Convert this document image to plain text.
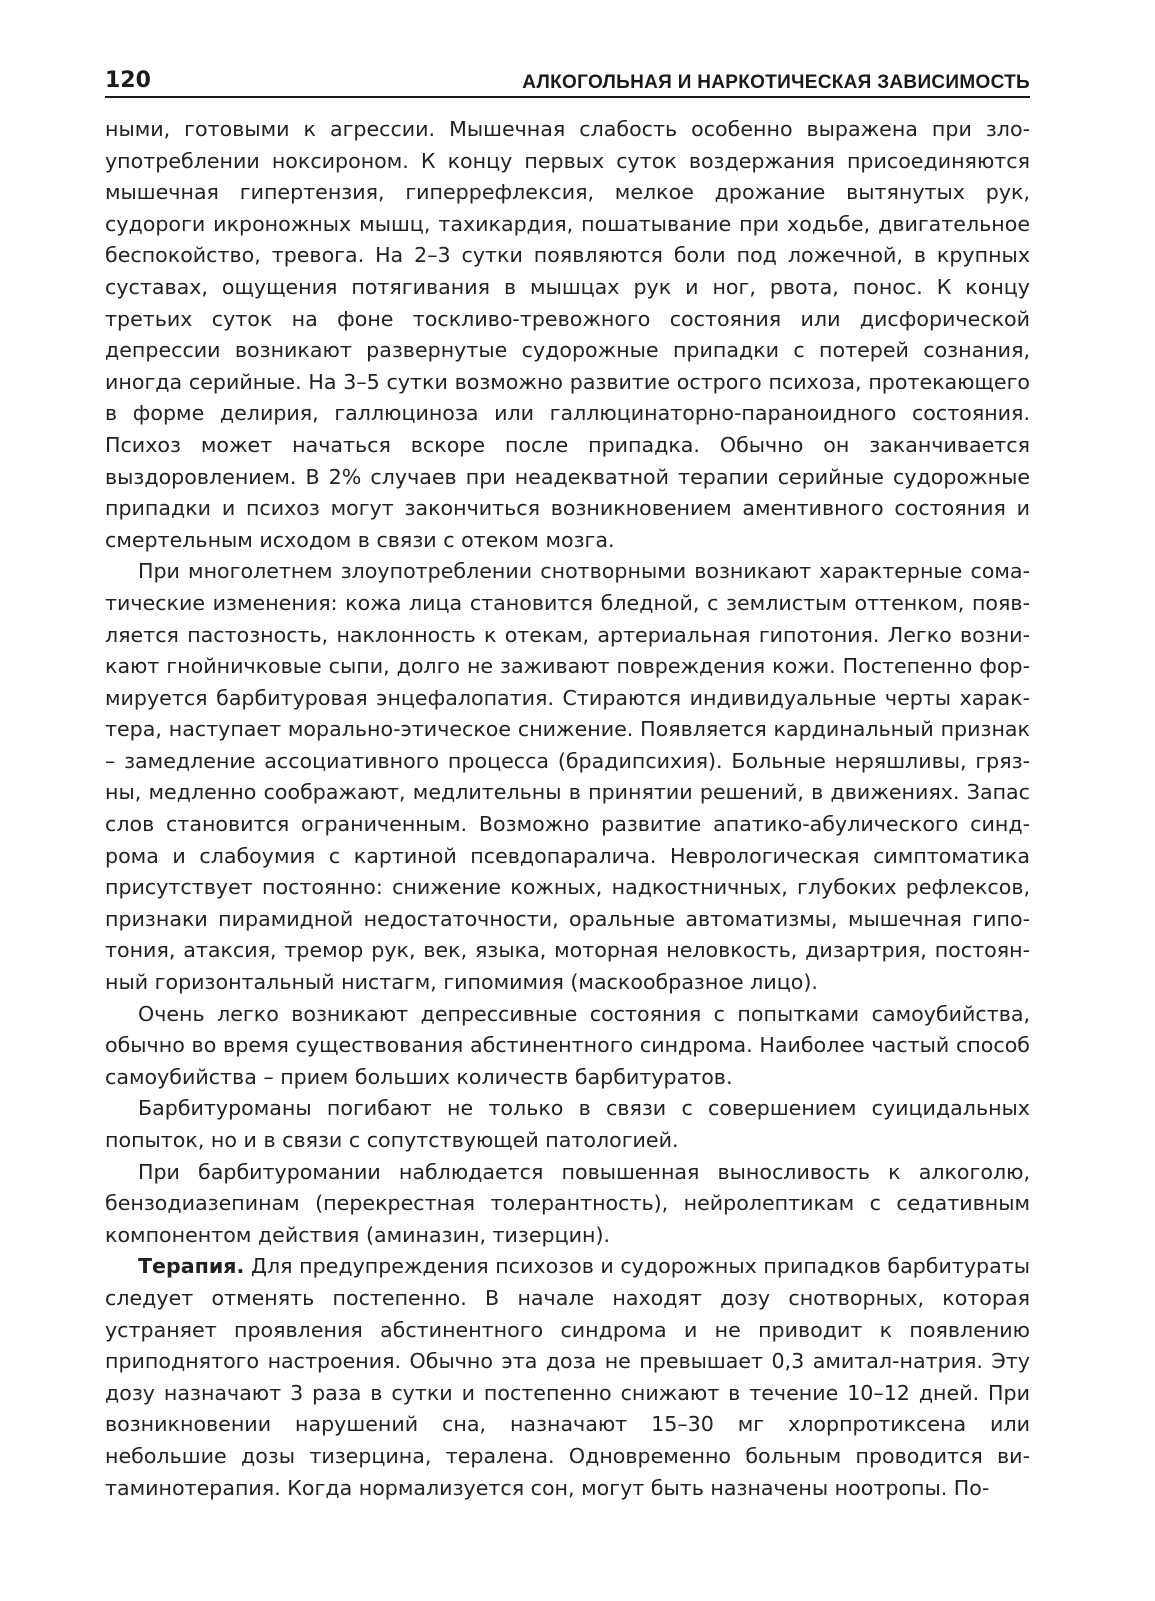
120	АЛКОГОЛЬНАЯ И НАРКОТИЧЕСКАЯ ЗАВИСИМОСТЬ

ными, готовыми к агрессии. Мышечная слабость особенно выражена при злоупотреблении ноксироном. К концу первых суток воздержания присоединяются мышечная гипертензия, гиперрефлексия, мелкое дрожание вытянутых рук, судороги икроножных мышц, тахикардия, пошатывание при ходьбе, двигательное беспокойство, тревога. На 2–3 сутки появляются боли под ложечной, в крупных суставах, ощущения потягивания в мышцах рук и ног, рвота, понос. К концу третьих суток на фоне тоскливо-тревожного состояния или дисфорической депрессии возникают развернутые судорожные припадки с потерей сознания, иногда серийные. На 3–5 сутки возможно развитие острого психоза, протекающего в форме делирия, галлюциноза или галлюцинаторно-параноидного состояния. Психоз может начаться вскоре после припадка. Обычно он заканчивается выздоровлением. В 2% случаев при неадекватной терапии серийные судорожные припадки и психоз могут закончиться возникновением аментивного состояния и смертельным исходом в связи с отеком мозга.

При многолетнем злоупотреблении снотворными возникают характерные соматические изменения: кожа лица становится бледной, с землистым оттенком, появляется пастозность, наклонность к отекам, артериальная гипотония. Легко возникают гнойничковые сыпи, долго не заживают повреждения кожи. Постепенно формируется барбитуровая энцефалопатия. Стираются индивидуальные черты характера, наступает морально-этическое снижение. Появляется кардинальный признак – замедление ассоциативного процесса (брадипсихия). Больные неряшливы, грязны, медленно соображают, медлительны в принятии решений, в движениях. Запас слов становится ограниченным. Возможно развитие апатико-абулического синдрома и слабоумия с картиной псевдопаралича. Неврологическая симптоматика присутствует постоянно: снижение кожных, надкостничных, глубоких рефлексов, признаки пирамидной недостаточности, оральные автоматизмы, мышечная гипотония, атаксия, тремор рук, век, языка, моторная неловкость, дизартрия, постоянный горизонтальный нистагм, гипомимия (маскообразное лицо).

Очень легко возникают депрессивные состояния с попытками самоубийства, обычно во время существования абстинентного синдрома. Наиболее частый способ самоубийства – прием больших количеств барбитуратов.

Барбитуроманы погибают не только в связи с совершением суицидальных попыток, но и в связи с сопутствующей патологией.

При барбитуромании наблюдается повышенная выносливость к алкоголю, бензодиазепинам (перекрестная толерантность), нейролептикам с седативным компонентом действия (аминазин, тизерцин).

Терапия. Для предупреждения психозов и судорожных припадков барбитураты следует отменять постепенно. В начале находят дозу снотворных, которая устраняет проявления абстинентного синдрома и не приводит к появлению приподнятого настроения. Обычно эта доза не превышает 0,3 амитал-натрия. Эту дозу назначают 3 раза в сутки и постепенно снижают в течение 10–12 дней. При возникновении нарушений сна, назначают 15–30 мг хлорпротиксена или небольшие дозы тизерцина, тералена. Одновременно больным проводится витаминотерапия. Когда нормализуется сон, могут быть назначены ноотропы. По-
